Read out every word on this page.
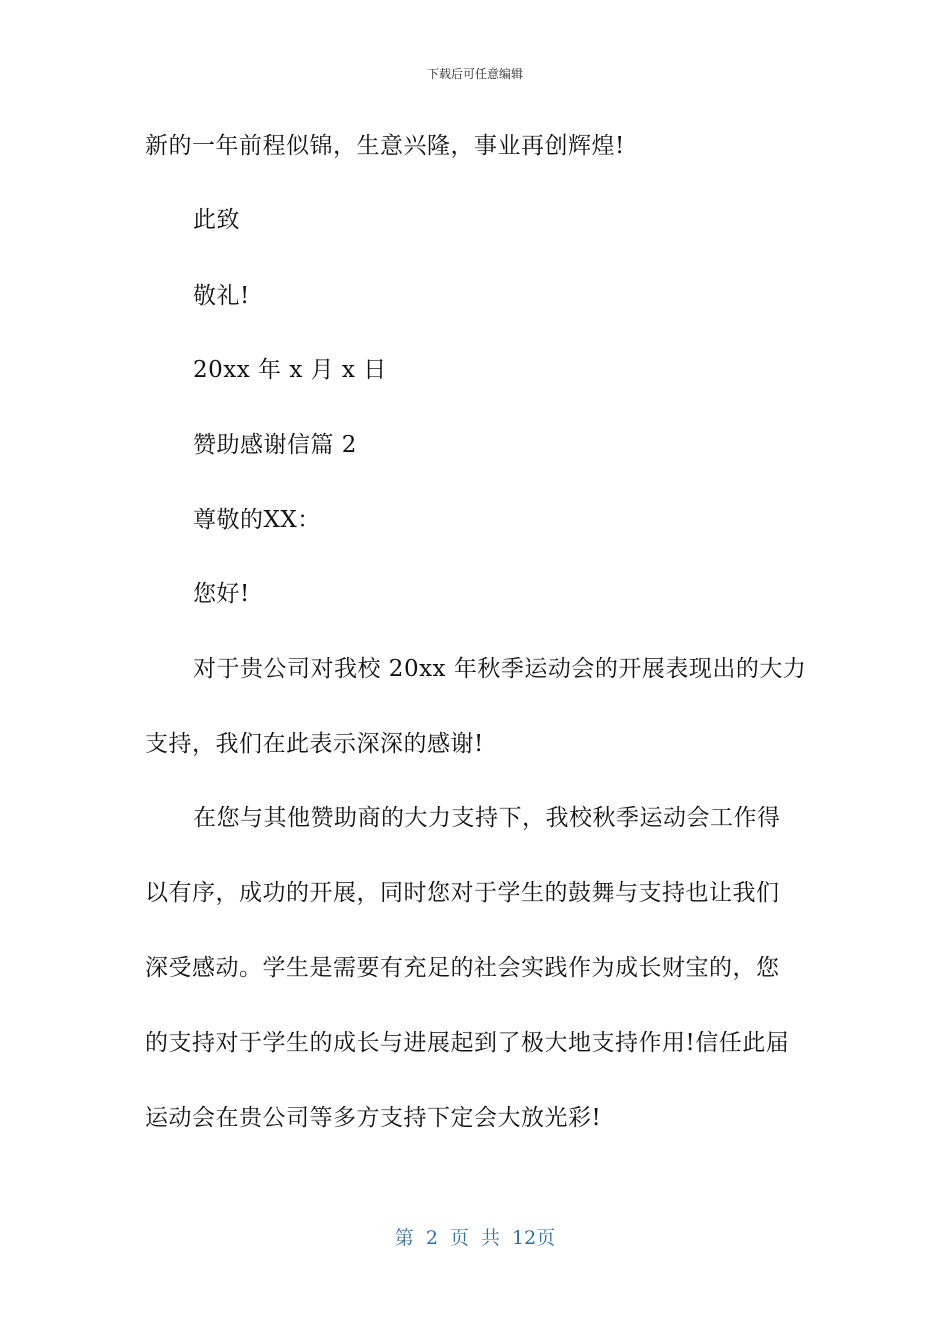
下载后可任意编辑
新的一年前程似锦，生意兴隆，事业再创辉煌!
此致
敬礼!
20xx 年 x 月 x 日
赞助感谢信篇 2
尊敬的XX：
您好!
对于贵公司对我校 20xx 年秋季运动会的开展表现出的大力
支持，我们在此表示深深的感谢!
在您与其他赞助商的大力支持下，我校秋季运动会工作得
以有序，成功的开展，同时您对于学生的鼓舞与支持也让我们
深受感动。学生是需要有充足的社会实践作为成长财宝的，您
的支持对于学生的成长与进展起到了极大地支持作用!信任此届
运动会在贵公司等多方支持下定会大放光彩!
第 2 页 共 12页
